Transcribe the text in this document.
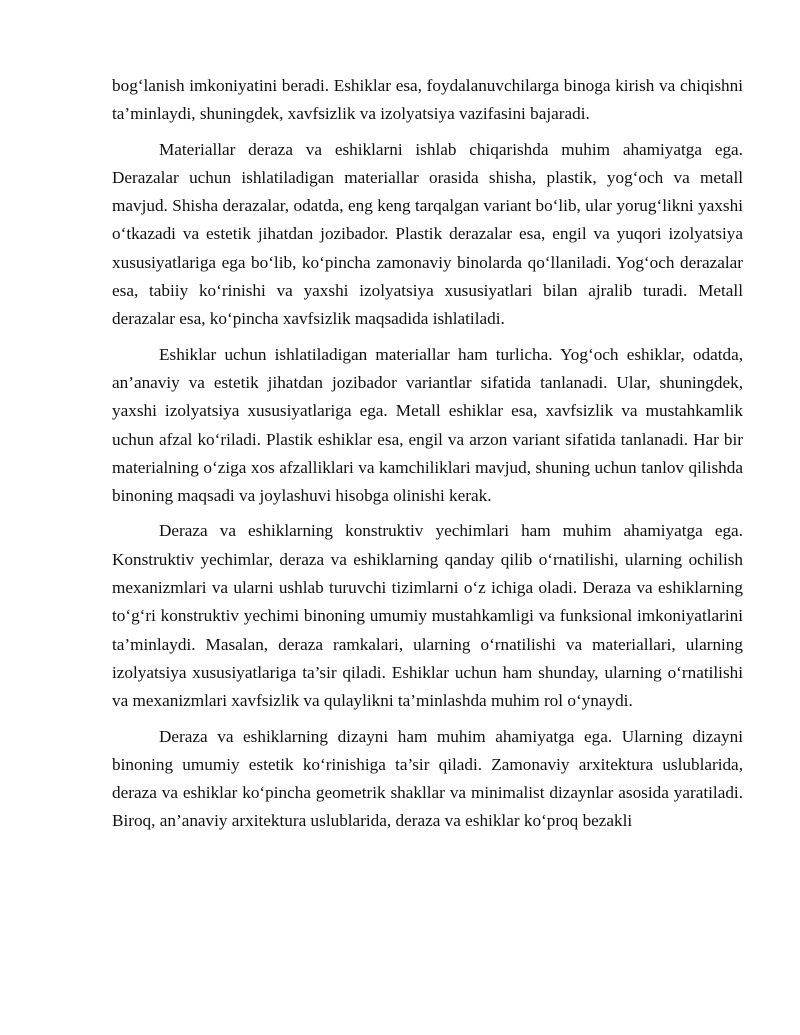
bog‘lanish imkoniyatini beradi. Eshiklar esa, foydalanuvchilarga binoga kirish va chiqishni ta’minlaydi, shuningdek, xavfsizlik va izolyatsiya vazifasini bajaradi.

Materiallar deraza va eshiklarni ishlab chiqarishda muhim ahamiyatga ega. Derazalar uchun ishlatiladigan materiallar orasida shisha, plastik, yog‘och va metall mavjud. Shisha derazalar, odatda, eng keng tarqalgan variant bo‘lib, ular yorug‘likni yaxshi o‘tkazadi va estetik jihatdan jozibador. Plastik derazalar esa, engil va yuqori izolyatsiya xususiyatlariga ega bo‘lib, ko‘pincha zamonaviy binolarda qo‘llaniladi. Yog‘och derazalar esa, tabiiy ko‘rinishi va yaxshi izolyatsiya xususiyatlari bilan ajralib turadi. Metall derazalar esa, ko‘pincha xavfsizlik maqsadida ishlatiladi.

Eshiklar uchun ishlatiladigan materiallar ham turlicha. Yog‘och eshiklar, odatda, an’anaviy va estetik jihatdan jozibador variantlar sifatida tanlanadi. Ular, shuningdek, yaxshi izolyatsiya xususiyatlariga ega. Metall eshiklar esa, xavfsizlik va mustahkamlik uchun afzal ko‘riladi. Plastik eshiklar esa, engil va arzon variant sifatida tanlanadi. Har bir materialning o‘ziga xos afzalliklari va kamchiliklari mavjud, shuning uchun tanlov qilishda binoning maqsadi va joylashuvi hisobga olinishi kerak.

Deraza va eshiklarning konstruktiv yechimlari ham muhim ahamiyatga ega. Konstruktiv yechimlar, deraza va eshiklarning qanday qilib o‘rnatilishi, ularning ochilish mexanizmlari va ularni ushlab turuvchi tizimlarni o‘z ichiga oladi. Deraza va eshiklarning to‘g‘ri konstruktiv yechimi binoning umumiy mustahkamligi va funksional imkoniyatlarini ta’minlaydi. Masalan, deraza ramkalari, ularning o‘rnatilishi va materiallari, ularning izolyatsiya xususiyatlariga ta’sir qiladi. Eshiklar uchun ham shunday, ularning o‘rnatilishi va mexanizmlari xavfsizlik va qulaylikni ta’minlashda muhim rol o‘ynaydi.

Deraza va eshiklarning dizayni ham muhim ahamiyatga ega. Ularning dizayni binoning umumiy estetik ko‘rinishiga ta’sir qiladi. Zamonaviy arxitektura uslublarida, deraza va eshiklar ko‘pincha geometrik shakllar va minimalist dizaynlar asosida yaratiladi. Biroq, an’anaviy arxitektura uslublarida, deraza va eshiklar ko‘proq bezakli
